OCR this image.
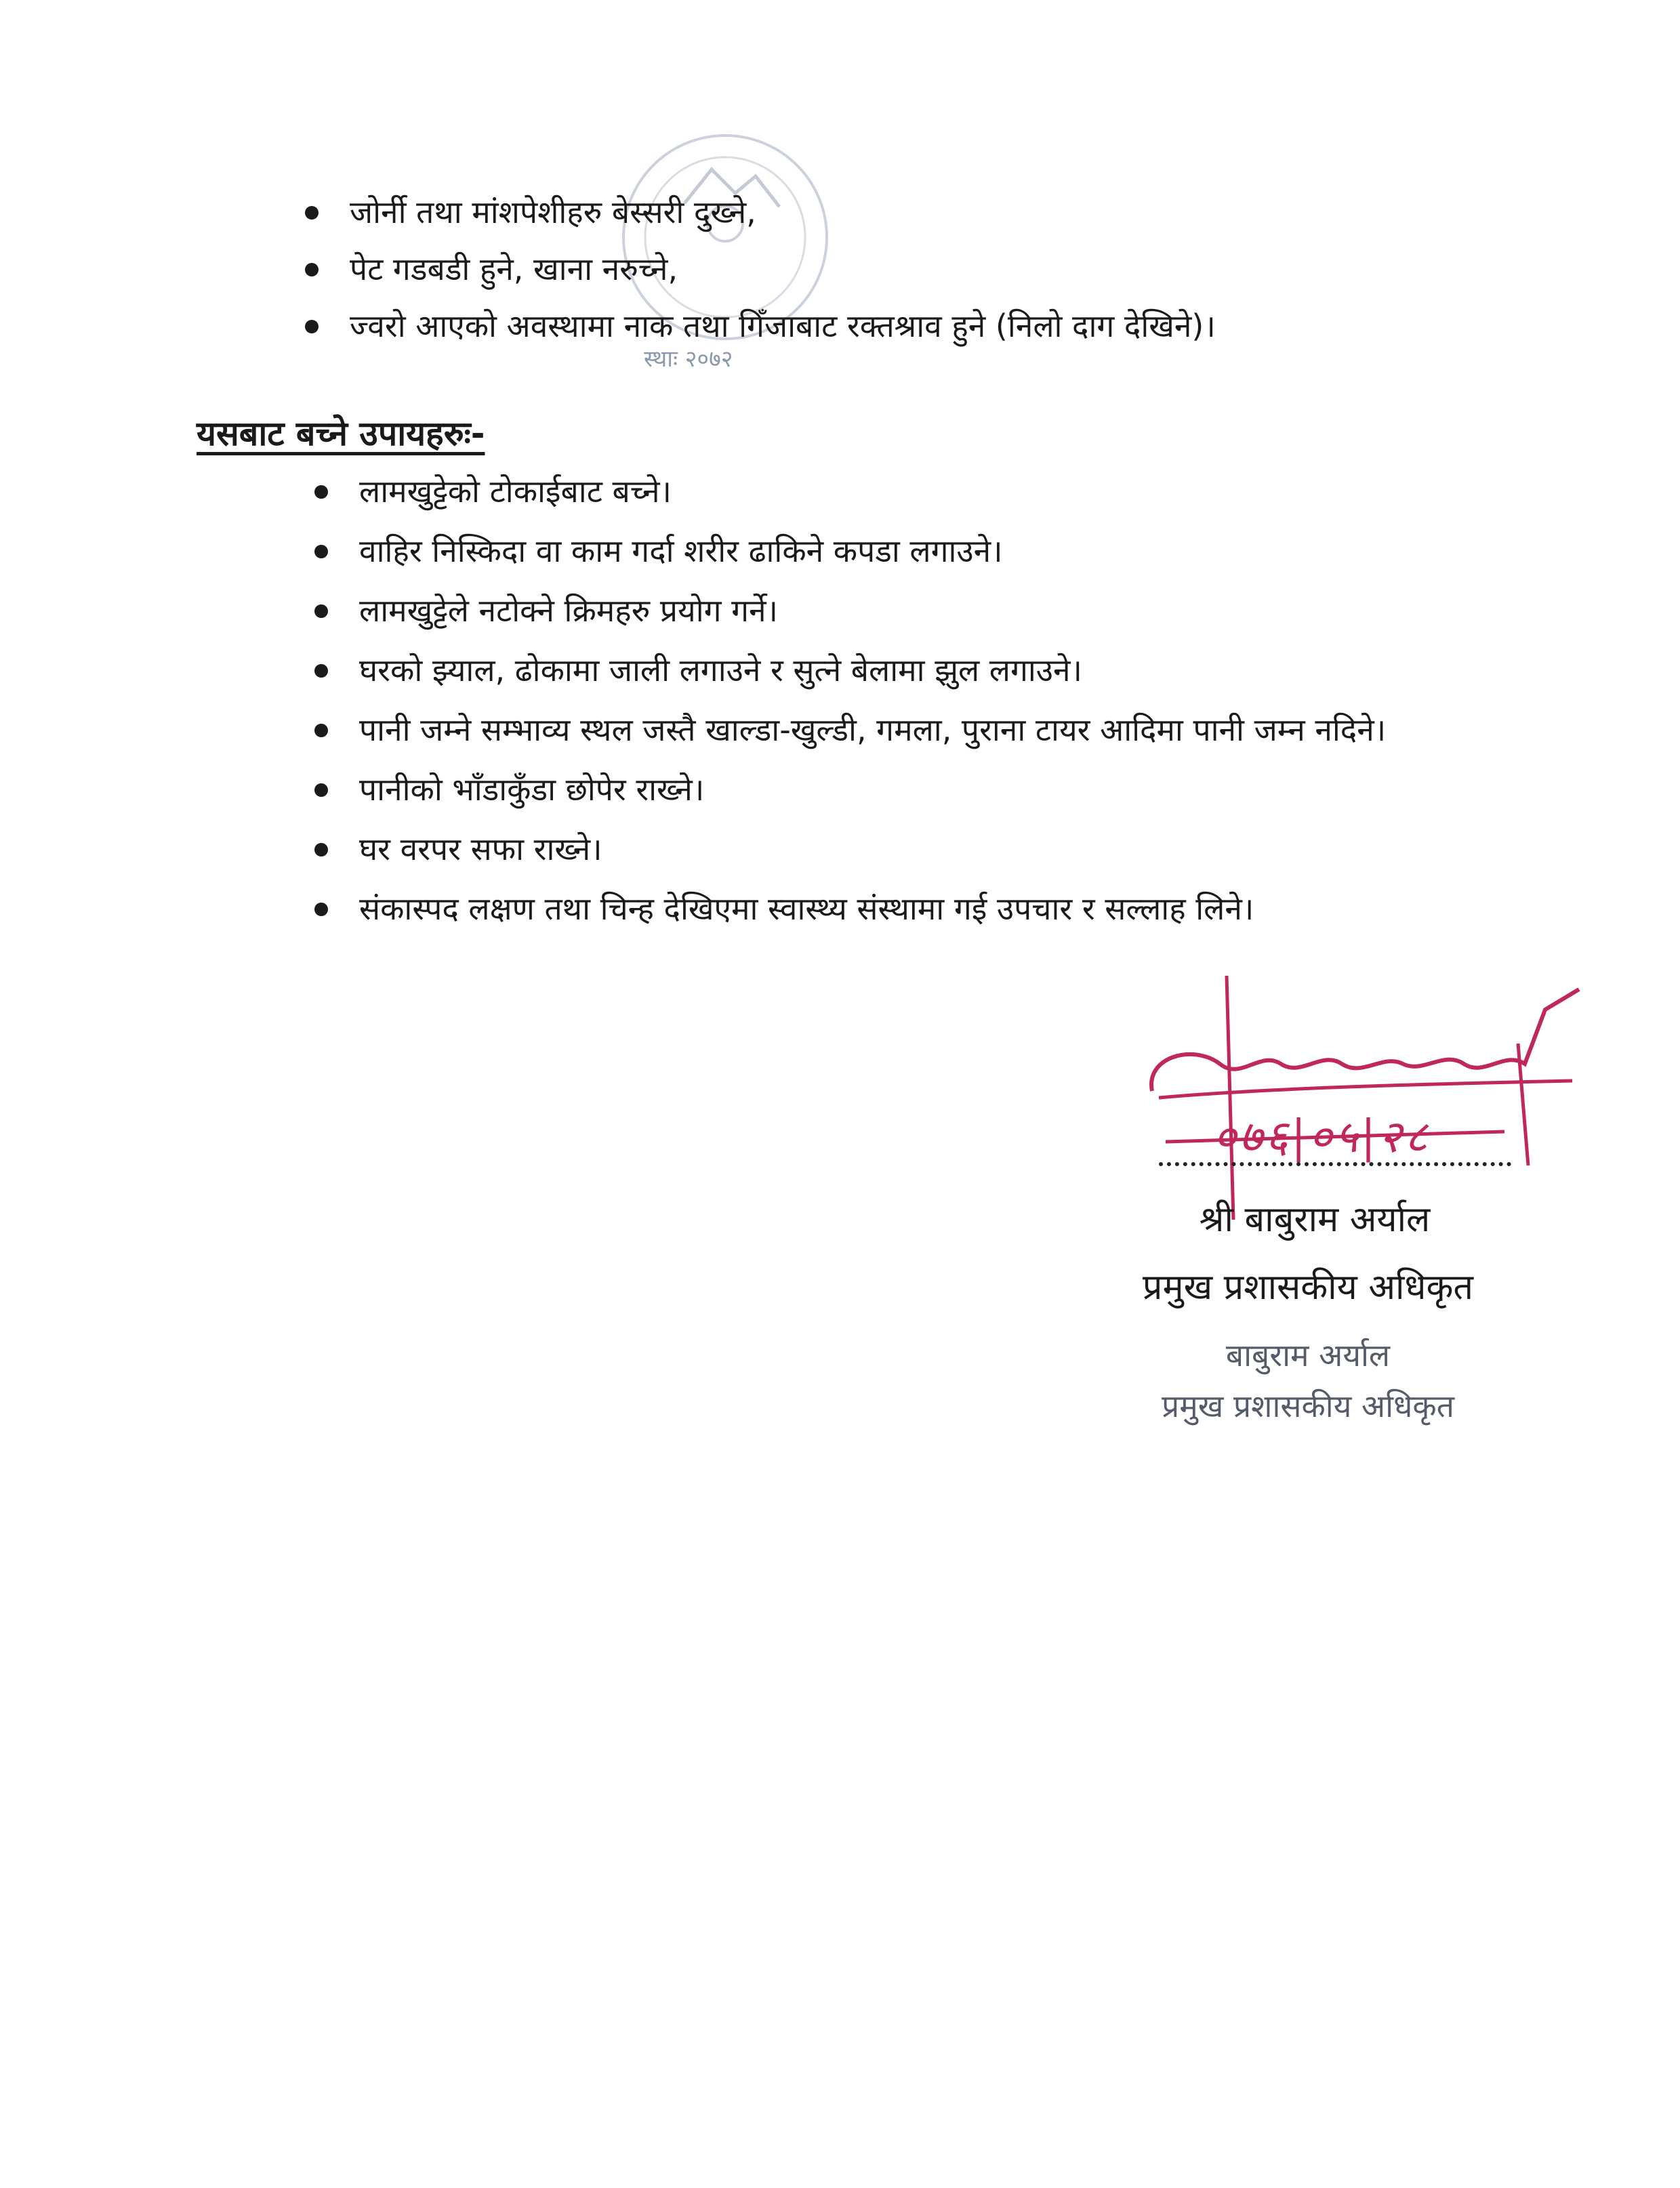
स्थाः २०७२
जोर्नी तथा मांशपेशीहरु बेस्सरी दुख्ने,
पेट गडबडी हुने, खाना नरुच्ने,
ज्वरो आएको अवस्थामा नाक तथा गिँजाबाट रक्तश्राव हुने (निलो दाग देखिने)।
यसबाट बच्ने उपायहरुः-
लामखुट्टेको टोकाईबाट बच्ने।
वाहिर निस्किदा वा काम गर्दा शरीर ढाकिने कपडा लगाउने।
लामखुट्टेले नटोक्ने क्रिमहरु प्रयोग गर्ने।
घरको झ्याल, ढोकामा जाली लगाउने र सुत्ने बेलामा झुल लगाउने।
पानी जम्ने सम्भाव्य स्थल जस्तै खाल्डा-खुल्डी, गमला, पुराना टायर आदिमा पानी जम्न नदिने।
पानीको भाँडाकुँडा छोपेर राख्ने।
घर वरपर सफा राख्ने।
संकास्पद लक्षण तथा चिन्ह देखिएमा स्वास्थ्य संस्थामा गई उपचार र सल्लाह लिने।
०७६|०५|२८
श्री बाबुराम अर्याल
प्रमुख प्रशासकीय अधिकृत
बाबुराम अर्याल
प्रमुख प्रशासकीय अधिकृत
